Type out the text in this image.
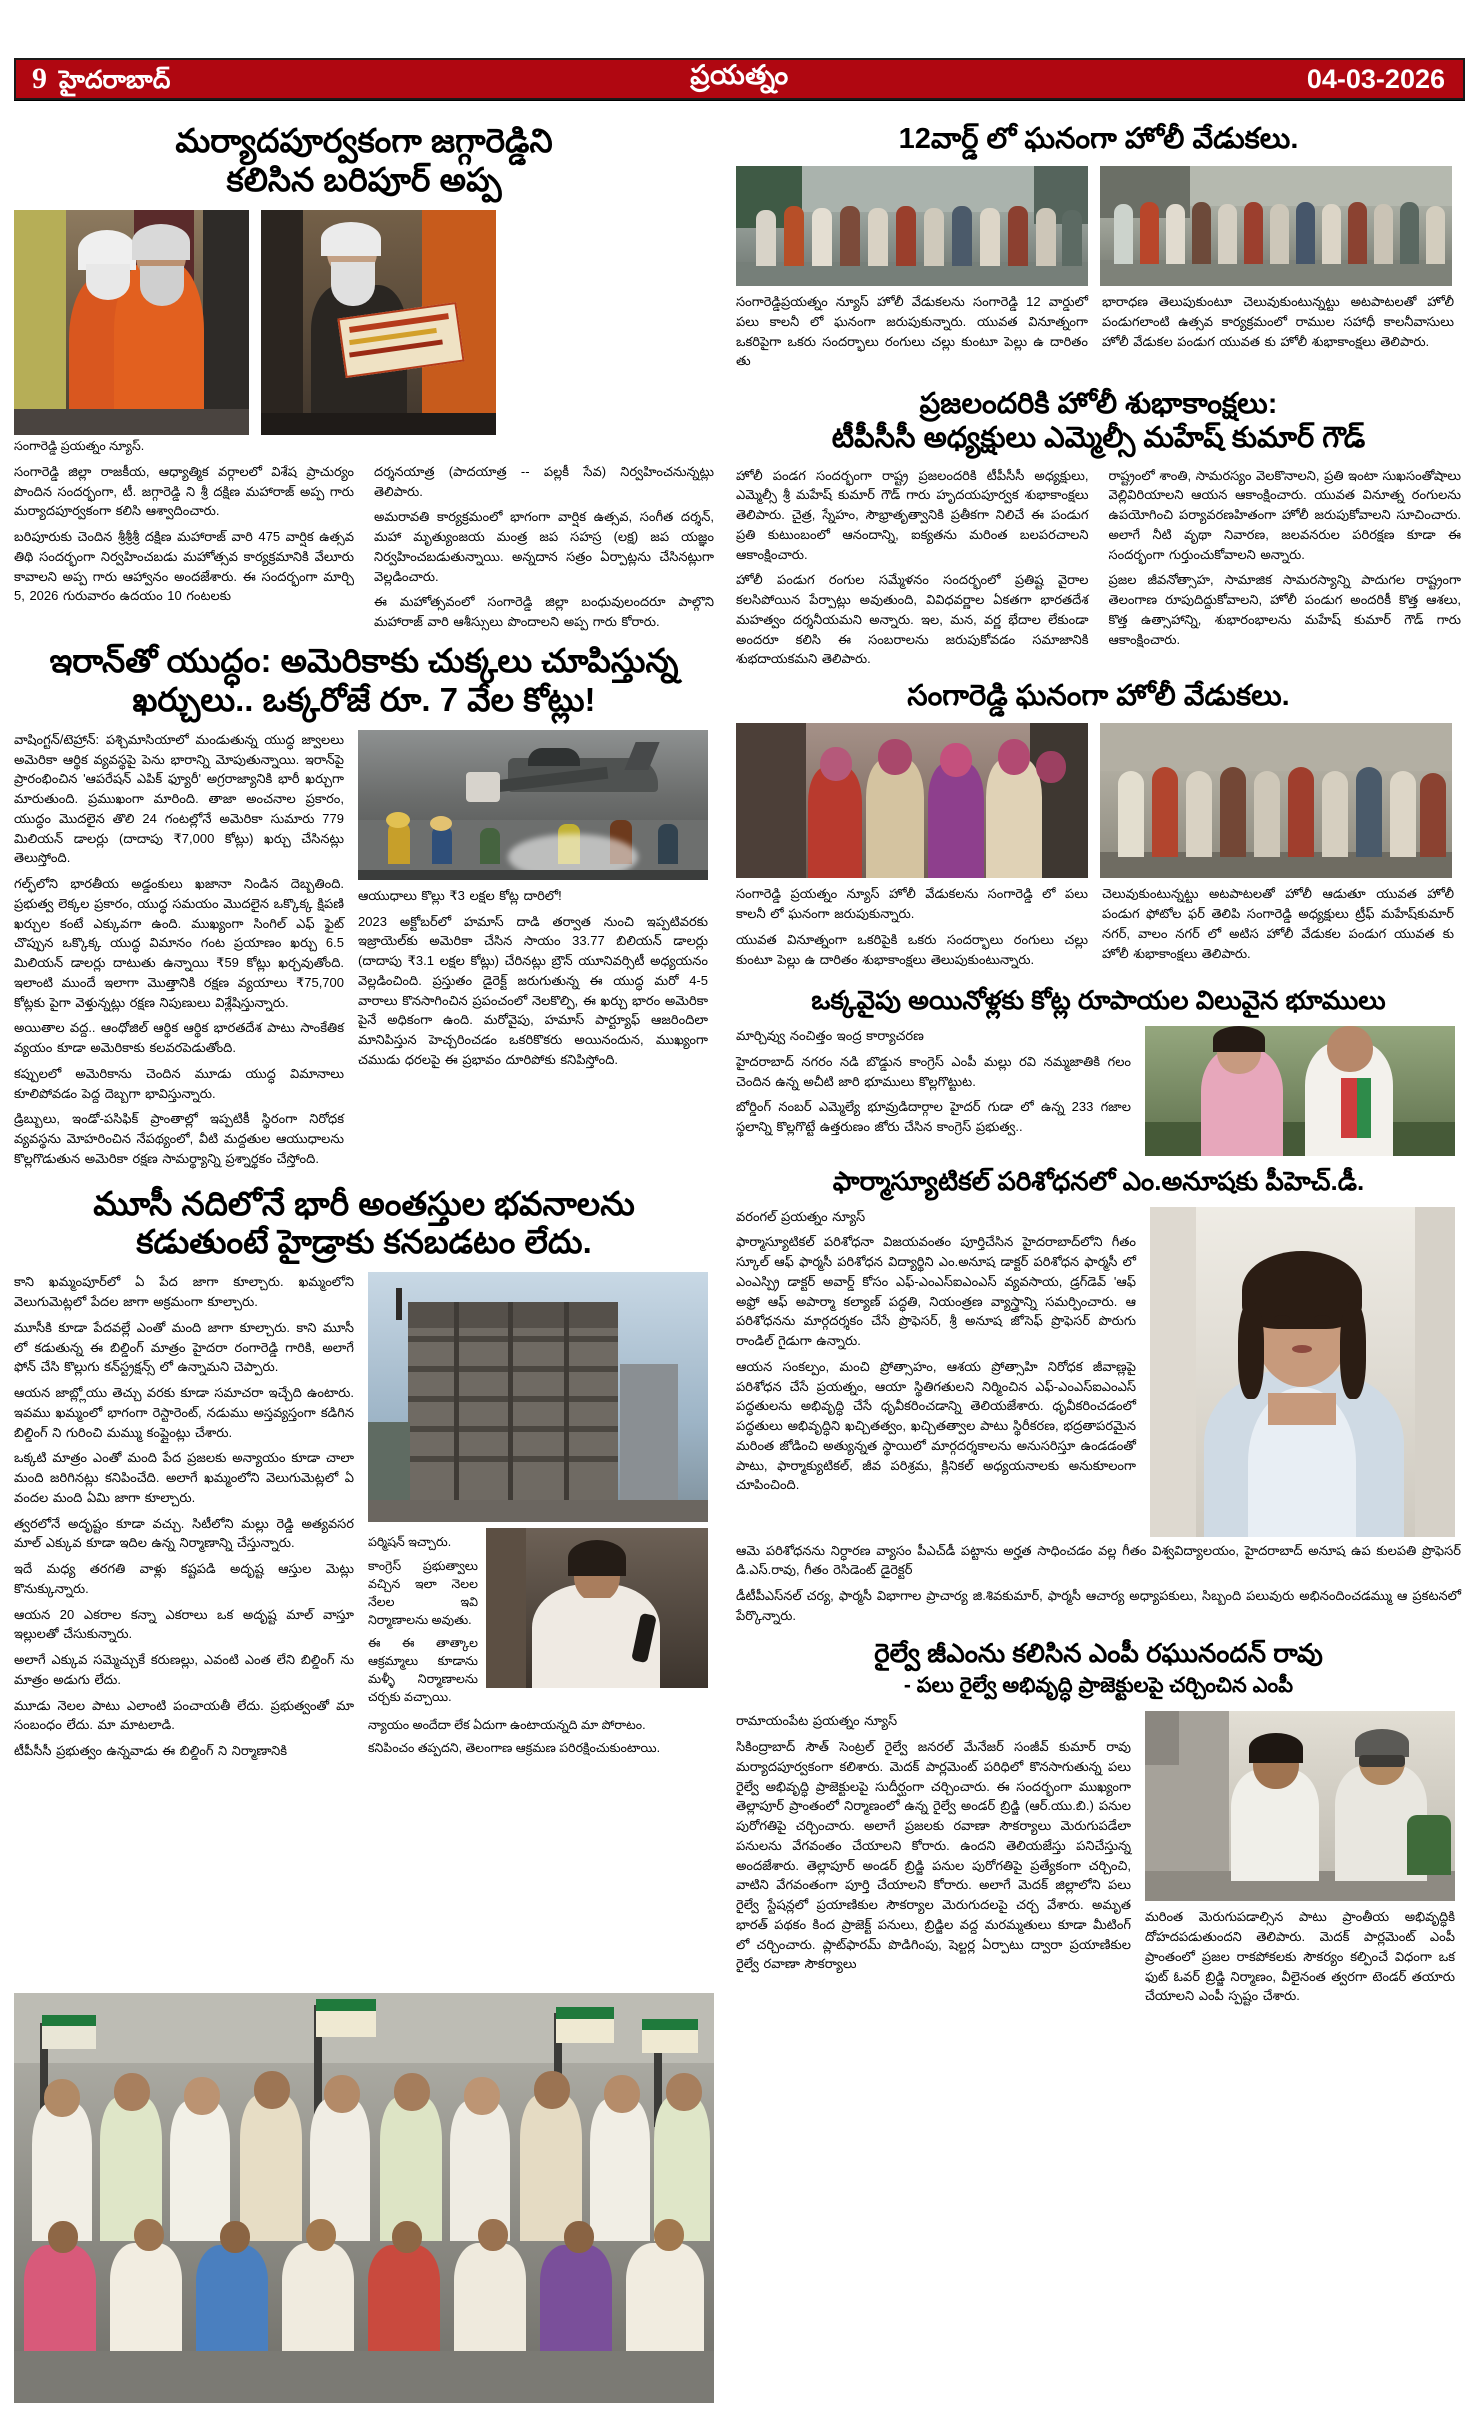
9 హైదరాబాద్	ప్రయత్నం	04-03-2026
మర్యాదపూర్వకంగా జగ్గారెడ్డిని
కలిసిన బరిపూర్ అప్ప
సంగారెడ్డి ప్రయత్నం న్యూస్.

సంగారెడ్డి జిల్లా రాజకీయ, ఆధ్యాత్మిక వర్గాలలో విశేష ప్రాచుర్యం పొందిన సందర్భంగా, టీ. జగ్గారెడ్డి ని శ్రీ దక్షిణ మహారాజ్ అప్ప గారు మర్యాదపూర్వకంగా కలిసి ఆశ్వాదించారు.

బరిపూరుకు చెందిన శ్రీశ్రీశ్రీ దక్షిణ మహారాజ్ వారి 475 వార్షిక ఉత్సవ తిథి సందర్భంగా నిర్వహించబడు మహోత్సవ కార్యక్రమానికి వేలూరు కావాలని అప్ప గారు ఆహ్వానం అందజేశారు. ఈ సందర్భంగా మార్చి 5, 2026 గురువారం ఉదయం 10 గంటలకు

దర్శనయాత్ర (పాదయాత్ర -- పల్లకీ సేవ) నిర్వహించనున్నట్లు తెలిపారు.

అమరావతి కార్యక్రమంలో భాగంగా వార్షిక ఉత్సవ, సంగీత దర్శన్, మహా మృత్యుంజయ మంత్ర జప సహస్ర (లక్ష) జప యజ్ఞం నిర్వహించబడుతున్నాయి. అన్నదాన సత్రం ఏర్పాట్లను చేసినట్లుగా వెల్లడించారు.

ఈ మహోత్సవంలో సంగారెడ్డి జిల్లా బంధువులందరూ పాల్గొని మహారాజ్ వారి ఆశీస్సులు పొందాలని అప్ప గారు కోరారు.

ఇరాన్‌తో యుద్ధం: అమెరికాకు చుక్కలు చూపిస్తున్న
ఖర్చులు.. ఒక్కరోజే రూ. 7 వేల కోట్లు!

వాషింగ్టన్/టెహ్రాన్: పశ్చిమాసియాలో మండుతున్న యుద్ధ జ్వాలలు అమెరికా ఆర్థిక వ్యవస్థపై పెను భారాన్ని మోపుతున్నాయి. ఇరాన్‌పై ప్రారంభించిన 'ఆపరేషన్ ఎపిక్ ఫ్యూరీ' అగ్రరాజ్యానికి భారీ ఖర్చుగా మారుతుంది. ప్రముఖంగా మారింది. తాజా అంచనాల ప్రకారం, యుద్ధం మొదలైన తొలి 24 గంటల్లోనే అమెరికా సుమారు 779 మిలియన్ డాలర్లు (దాదాపు ₹7,000 కోట్లు) ఖర్చు చేసినట్లు తెలుస్తోంది.

గల్ఫ్‌లోని భారతీయ అడ్డంకులు ఖజానా నిండిన దెబ్బతింది. ప్రభుత్వ లెక్కల ప్రకారం, యుద్ధ సమయం మొదలైన ఒక్కొక్క క్షిపణి ఖర్చుల కంటే ఎక్కువగా ఉంది. ముఖ్యంగా సింగిల్ ఎఫ్ ఫైట్ చొప్పున ఒక్కొక్క యుద్ధ విమానం గంట ప్రయాణం ఖర్చు 6.5 మిలియన్ డాలర్లు దాటుతు ఉన్నాయి ₹59 కోట్లు ఖర్చవుతోంది. ఇలాంటి ముందే ఇలాగా మొత్తానికి రక్షణ వ్యయాలు ₹75,700 కోట్లకు పైగా వెళ్తున్నట్లు రక్షణ నిపుణులు విశ్లేషిస్తున్నారు.

అయితాల వద్ద.. ఆంధోజిల్ ఆర్థిక ఆర్థిక భారతదేశ పాటు సాంకేతిక వ్యయం కూడా అమెరికాకు కలవరపెడుతోంది.

కప్పులలో అమెరికాను చెందిన మూడు యుద్ధ విమానాలు కూలిపోవడం పెద్ద దెబ్బగా భావిస్తున్నారు.

డ్రిబ్బులు, ఇండో-పసిఫిక్ ప్రాంతాల్లో ఇప్పటికీ స్థిరంగా నిరోధక వ్యవస్థను మోహరించిన నేపథ్యంలో, వీటి మద్దతుల ఆయుధాలను కొల్లగొడుతున అమెరికా రక్షణ సామర్థ్యాన్ని ప్రశ్నార్థకం చేస్తోంది.

ఆయుధాలు కొల్లు ₹3 లక్షల కోట్ల దారిలో!

2023 అక్టోబర్‌లో హమాస్ దాడి తర్వాత నుంచి ఇప్పటివరకు ఇజ్రాయెల్‌కు అమెరికా చేసిన సాయం 33.77 బిలియన్ డాలర్లు (దాదాపు ₹3.1 లక్షల కోట్లు) చేరినట్లు బ్రౌన్ యూనివర్సిటీ అధ్యయనం వెల్లడించింది. ప్రస్తుతం డైరెక్ట్ జరుగుతున్న ఈ యుద్ధ మరో 4-5 వారాలు కొనసాగించిన ప్రపంచంలో నెలకొల్పి, ఈ ఖర్చు భారం అమెరికా పైనే అధికంగా ఉంది. మరోవైపు, హమాస్ పార్ట్యూఫ్ ఆజరిందిలా మానిపిస్తున హెచ్చరించడం ఒకరికొకరు అయినందున, ముఖ్యంగా చముడు ధరలపై ఈ ప్రభావం దూరిపోకు కనిపిస్తోంది.

మూసీ నదిలోనే భారీ అంతస్తుల భవనాలను
కడుతుంటే హైడ్రాకు కనబడటం లేదు.

కాని ఖమ్మంపూర్‌లో ఏ పేద జాగా కూల్చారు. ఖమ్మంలోని వెలుగుమెట్లలో పేదల జాగా అక్రమంగా కూల్చారు.

మూసీకి కూడా పేదవల్లే ఎంతో మంది జాగా కూల్చారు. కాని మూసీ లో కడుతున్న ఈ బిల్డింగ్ మాత్రం హైదరా రంగారెడ్డి గారికి, అలాగే ఫోన్ చేసి కొల్లుగు కన్‌స్ట్రక్షన్స్ లో ఉన్నామని చెప్పారు.

ఆయన జాబ్ల్లోయు తెచ్చు వరకు కూడా సమాచరా ఇచ్చేది ఉంటారు. ఇవము ఖమ్మంలో భాగంగా రెస్టారెంట్, నడుము అస్తవ్యస్తంగా కడిగిన బిల్డింగ్ ని గురించి మమ్ము కంప్లైంట్లు చేశారు.

ఒక్కటి మాత్రం ఎంతో మంది పేద ప్రజలకు అన్యాయం కూడా చాలా మంది జరిగినట్లు కనిపించేది. అలాగే ఖమ్మంలోని వెలుగుమెట్లలో ఏ వందల మంది ఏమి జాగా కూల్చారు.

త్వరలోనే అదృష్టం కూడా వచ్చు. సిటీలోని మల్లు రెడ్డి అత్యవసర మాల్ ఎక్కువ కూడా ఇదిల ఉన్న నిర్మాణాన్ని చేస్తున్నారు.

ఇదే మధ్య తరగతి వాళ్లు కష్టపడి అదృష్ట ఆస్తుల మెట్లు కొనుక్కున్నారు.

ఆయన 20 ఎకరాల కన్నా ఎకరాలు ఒక అదృష్ట మాల్ వాస్తూ ఇల్లులతో చేసుకున్నారు.

అలాగే ఎక్కువ సమ్మెచ్చుకే కరుణల్లు, ఎవంటి ఎంత లేని బిల్డింగ్ ను మాత్రం అడుగు లేదు.

మూడు నెలల పాటు ఎలాంటి పంచాయతీ లేదు. ప్రభుత్వంతో మా సంబంధం లేదు. మా మాటలాడి.

టీపీసీసీ ప్రభుత్వం ఉన్నవాడు ఈ బిల్డింగ్ ని నిర్మాణానికి

పర్మిషన్ ఇచ్చారు.

కాంగ్రెస్ ప్రభుత్వాలు వచ్చిన ఇలా నెలల నేలల ఇవి నిర్మాణాలను అవుతు.

ఈ ఈ తాత్కాల ఆక్రమ్మాలు కూడాను మళ్ళీ నిర్మాణాలను చర్చకు వచ్చాయి.

న్యాయం అందేదా లేక ఏదుగా ఉంటాయన్నది మా పోరాటం.

కనిపించం తప్పదని, తెలంగాణ ఆక్రమణ పరిరక్షించుకుంటాయి.

12వార్డ్ లో ఘనంగా హోలీ వేడుకలు.

సంగారెడ్డిప్రయత్నం న్యూస్ హోలీ వేడుకలను సంగారెడ్డి 12 వార్డులో పలు కాలనీ లో ఘనంగా జరుపుకున్నారు. యువత వినూత్నంగా ఒకరిపైగా ఒకరు సందర్భాలు రంగులు చల్లు కుంటూ పెల్లు ఉ దారితం తు

భారాధణ తెలుపుకుంటూ చెలువుకుంటున్నట్టు అటపాటలతో హోలీ పండుగలాంటి ఉత్సవ కార్యక్రమంలో రాముల సహాధీ కాలనీవాసులు హోలీ వేడుకల పండుగ యువత కు హోలీ శుభాకాంక్షలు తెలిపారు.

ప్రజలందరికి హోలీ శుభాకాంక్షలు:
టీపీసీసీ అధ్యక్షులు ఎమ్మెల్సీ మహేష్ కుమార్ గౌడ్

హోలీ పండగ సందర్భంగా రాష్ట్ర ప్రజలందరికి టీపీసీసీ అధ్యక్షులు, ఎమ్మెల్సీ శ్రీ మహేష్ కుమార్ గౌడ్ గారు హృదయపూర్వక శుభాకాంక్షలు తెలిపారు. చైత్ర, స్నేహం, సౌభ్రాతృత్వానికి ప్రతీకగా నిలిచే ఈ పండుగ ప్రతి కుటుంబంలో ఆనందాన్ని, ఐక్యతను మరింత బలపరచాలని ఆకాంక్షించారు.

హోలీ పండుగ రంగుల సమ్మేళనం సందర్భంలో ప్రతిష్ట వైరాల కలసిపోయిన పేర్పాట్లు అవుతుంది, వివిధవర్ణాల ఏకతగా భారతదేశ మహత్వం దర్శనీయమని అన్నారు. ఇల, మన, వర్ణ భేదాల లేకుండా అందరూ కలిసి ఈ సంబరాలను జరుపుకోవడం సమాజానికి శుభదాయకమని తెలిపారు.

రాష్ట్రంలో శాంతి, సామరస్యం వెలకొనాలని, ప్రతి ఇంటా సుఖసంతోషాలు వెల్లివిరియాలని ఆయన ఆకాంక్షించారు. యువత వినూత్న రంగులను ఉపయోగించి పర్యావరణహితంగా హోలీ జరుపుకోవాలని సూచించారు. అలాగే నీటి వృథా నివారణ, జలవనరుల పరిరక్షణ కూడా ఈ సందర్భంగా గుర్తుంచుకోవాలని అన్నారు.

ప్రజల జీవనోత్సాహ, సామాజిక సామరస్యాన్ని పాదుగల రాష్ట్రంగా తెలంగాణ రూపుదిద్దుకోవాలని, హోలీ పండుగ అందరికీ కొత్త ఆశలు, కొత్త ఉత్సాహాన్ని, శుభారంభాలను మహేష్ కుమార్ గౌడ్ గారు ఆకాంక్షించారు.

సంగారెడ్డి ఘనంగా హోలీ వేడుకలు.

సంగారెడ్డి ప్రయత్నం న్యూస్ హోలీ వేడుకలను సంగారెడ్డి లో పలు కాలనీ లో ఘనంగా జరుపుకున్నారు.

యువత వినూత్నంగా ఒకరిపైకి ఒకరు సందర్భాలు రంగులు చల్లు కుంటూ పెల్లు ఉ దారితం శుభాకాంక్షలు తెలుపుకుంటున్నారు.

చెలువుకుంటున్నట్టు అటపాటలతో హోలీ ఆడుతూ యువత హోలీ పండుగ ఫోటోల ఫర్ తెలిపి సంగారెడ్డి అధ్యక్షులు ట్రీఫ్ మహేష్‌కుమార్ నగర్, వాలం నగర్ లో అటిస హోలీ వేడుకల పండుగ యువత కు హోలీ శుభాకాంక్షలు తెలిపారు.

ఒక్కవైపు అయినోళ్లకు కోట్ల రూపాయల విలువైన భూములు

మార్చివ్వు నంచిత్తం ఇంద్ర కార్యాచరణ

హైదరాబాద్ నగరం నడి బొడ్డున కాంగ్రెస్ ఎంపీ మల్లు రవి నమ్మజాతికి గలం చెందిన ఉన్న అచీటి జారి భూములు కొల్లగొట్టుట.

బోర్డింగ్ నంబర్ ఎమ్మెల్యే భూవ్రుడిదార్గాల హైదర్ గుడా లో ఉన్న 233 గజాల స్థలాన్ని కొల్లగొట్టే ఉత్తరుణం జోరు చేసిన కాంగ్రెస్ ప్రభుత్వ..

ఫార్మాస్యూటికల్ పరిశోధనలో ఎం.అనూషకు పీహెచ్.డీ.

వరంగల్ ప్రయత్నం న్యూస్

ఫార్మాస్యూటికల్ పరిశోధనా విజయవంతం పూర్తిచేసిన హైదరాబాద్‌లోని గీతం స్కూల్ ఆఫ్ ఫార్మసీ పరిశోధన విద్యార్థిని ఎం.అనూష డాక్టర్ పరిశోధన ఫార్మసీ లో ఎంఎస్ప్రి డాక్టర్ అవార్డ్ కోసం ఎఫ్-ఎంఎస్ఐఎంఎస్ వ్యవసాయ, డ్రగ్‌డెవ్ 'ఆఫ్ అఫ్రో ఆఫ్ అపార్మా కల్యాణ్ పద్ధతి, నియంత్రణ వ్యాస్త్రాన్ని సమర్పించారు. ఆ పరిశోధనను మార్గదర్శకం చేసే ప్రొఫెసర్, శ్రీ అనూష జోసెఫ్ ప్రొఫెసర్ పొరుగు రాండిల్ గైడుగా ఉన్నారు.

ఆయన సంకల్పం, మంచి ప్రోత్సాహం, ఆశయ ప్రోత్సాహి నిరోధక జీవాణ్లపై పరిశోధన చేసే ప్రయత్నం, ఆయా స్థితిగతులని నిర్మించిన ఎఫ్-ఎంఎస్ఐఎంఎస్ పద్ధతులను అభివృద్ధి చేసే ధృవీకరించడాన్ని తెలియజేశారు. ధృవీకరించడంలో పద్ధతులు అభివృద్ధిని ఖచ్చితత్వం, ఖచ్చితత్వాల పాటు స్థిరీకరణ, భద్రతాపరమైన మరింత జోడించి అత్యున్నత స్థాయిలో మార్గదర్శకాలను అనుసరిస్తూ ఉండడంతో పాటు, ఫార్మాక్యుటికల్, జీవ పరిశ్రమ, క్లినికల్ అధ్యయనాలకు అనుకూలంగా చూపించింది.

ఆమె పరిశోధనను నిర్ధారణ వ్యాసం పీఎచ్‌డీ పట్టాను అర్హత సాధించడం వల్ల గీతం విశ్వవిద్యాలయం, హైదరాబాద్ అనూష ఉప కులపతి ప్రొఫెసర్ డి.ఎస్.రావు, గీతం రెసిడెంట్ డైరెక్టర్

డీటీపీఎస్‌నల్ చర్య, ఫార్మసీ విభాగాల ప్రాచార్య జి.శివకుమార్, ఫార్మసీ ఆచార్య అధ్యాపకులు, సిబ్బంది పలువురు అభినందించడమ్ము ఆ ప్రకటనలో పేర్కొన్నారు.

రైల్వే జీఎంను కలిసిన ఎంపీ రఘునందన్ రావు
- పలు రైల్వే అభివృద్ధి ప్రాజెక్టులపై చర్చించిన ఎంపీ

రామాయంపేట ప్రయత్నం న్యూస్

సికింద్రాబాద్ సౌత్ సెంట్రల్ రైల్వే జనరల్ మేనేజర్ సంజీవ్ కుమార్ రావు మర్యాదపూర్వకంగా కలిశారు. మెదక్ పార్లమెంట్ పరిధిలో కొనసాగుతున్న పలు రైల్వే అభివృద్ధి ప్రాజెక్టులపై సుదీర్ఘంగా చర్చించారు. ఈ సందర్భంగా ముఖ్యంగా తెల్లాపూర్ ప్రాంతంలో నిర్మాణంలో ఉన్న రైల్వే అండర్ బ్రిడ్జి (ఆర్.యు.బి.) పనుల పురోగతిపై చర్చించారు. అలాగే ప్రజలకు రవాణా సౌకర్యాలు మెరుగుపడేలా పనులను వేగవంతం చేయాలని కోరారు. ఉందని తెలియజేస్తు పనిచేస్తున్న అందజేశారు. తెల్లాపూర్ అండర్ బ్రిడ్జి పనుల పురోగతిపై ప్రత్యేకంగా చర్చించి, వాటిని వేగవంతంగా పూర్తి చేయాలని కోరారు. అలాగే మెదక్ జిల్లాలోని పలు రైల్వే స్టేషన్లలో ప్రయాణికుల సౌకర్యాల మెరుగుదలపై చర్చ వేశారు. అమృత భారత్ పథకం కింద ప్రాజెక్ట్ పనులు, బ్రిడ్జిల వద్ద మరమ్మతులు కూడా మీటింగ్ లో చర్చించారు. ప్లాట్‌ఫారమ్ పొడిగింపు, షెల్టర్ల ఏర్పాటు ద్వారా ప్రయాణికుల రైల్వే రవాణా సౌకర్యాలు

మరింత మెరుగుపడాల్సిన పాటు ప్రాంతీయ అభివృద్ధికి దోహదపడుతుందని తెలిపారు. మెదక్ పార్లమెంట్ ఎంపీ ప్రాంతంలో ప్రజల రాకపోకలకు సౌకర్యం కల్పించే విధంగా ఒక ఫుట్ ఓవర్ బ్రిడ్జి నిర్మాణం, వీలైనంత త్వరగా టెండర్ తయారు చేయాలని ఎంపీ స్పష్టం చేశారు.
